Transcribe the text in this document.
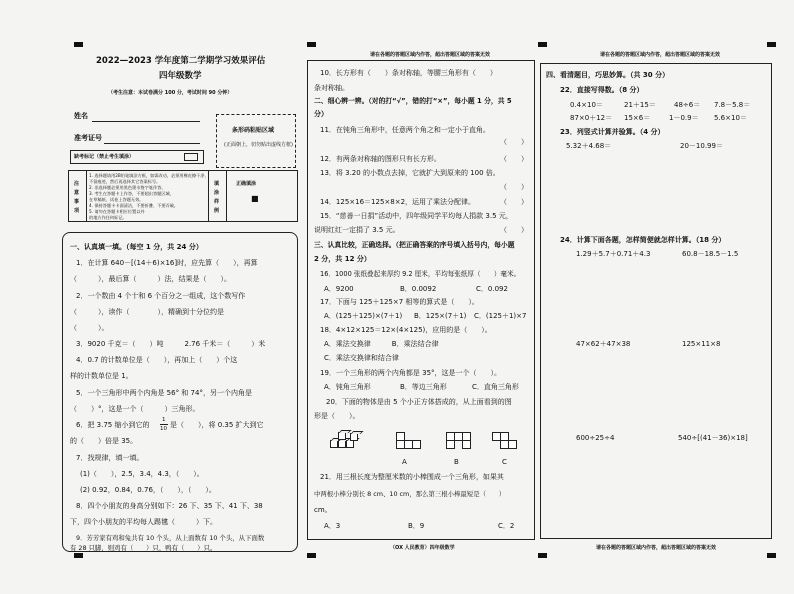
2022—2023 学年度第二学期学习效果评估
四年级数学
（考生注意：本试卷满分 100 分，考试时间 90 分钟）
姓名
准考证号
缺考标记（禁止考生填涂）
条形码粘贴区域
(正面朝上，切勿贴出虚线方框)
注
意
事
项
1. 选择题请用2B铅笔填涂方框，如需改动，必须用橡皮擦干净，
不留痕迹，然后再选择其它答案标号。
2. 非选择题必须用黑色墨水签字笔作答。
3. 考生在答题卡上作答，不要超出答题区域，
在草稿纸、试卷上答题无效。
4. 保持答题卡卡面清洁，不要折叠、不要弄破。
5. 请勿在答题卡相应位置以外
的地方作任何标记。
填
涂
样
例
正确填涂
■
一、认真填一填。（每空 1 分，共 24 分）
1．在计算 640－[(14＋6)×16]时，应先算（　　），再算
（　　　），最后算（　　　）法，结果是（　　）。
2．一个数由 4 个十和 6 个百分之一组成，这个数写作
（　　　），读作（　　　　），精确到十分位约是
（　　　）。
3．9020 千克＝（　　）吨　　　2.76 千米＝（　　　）米
4．0.7 的计数单位是（　　），再加上（　　）个这
样的计数单位是 1。
5．一个三角形中两个内角是 56° 和 74°，另一个内角是
（　　）°，这是一个（　　　）三角形。
6．把 3.75 缩小到它的
1
10 是（　　），将 0.35 扩大到它
的（　　）倍是 35。
7．找规律，填一填。
(1)（　　），2.5，3.4，4.3，（　　）。
(2) 0.92，0.84，0.76，（　　），（　　）。
8．四个小朋友的身高分别如下：26 下、35 下、41 下、38
下，四个小朋友的平均每人踢毽（　　　）下。
9．芳芳家有鸡和兔共有 10 个头，从上面数有 10 个头，从下面数
有 28 只脚，则鸡有（　　）只，鸭有（　　）只。
请在各题的答题区域内作答，超出答题区域的答案无效
10．长方形有（　　）条对称轴，等腰三角形有（　　）
条对称轴。
二、细心辨一辨。（对的打“√”，错的打“×”，每小题 1 分，共 5
分）
11．在钝角三角形中，任意两个角之和一定小于直角。
（　　）
12．有两条对称轴的图形只有长方形。	（　　）
13．将 3.20 的小数点去掉，它就扩大到原来的 100 倍。
（　　）
14．125×16＝125×8×2，运用了乘法分配律。	（　　）
15．“慈善一日捐”活动中，四年级同学平均每人捐款 3.5 元，
说明红红一定捐了 3.5 元。	（　　）
三、认真比较，正确选择。（把正确答案的序号填入括号内，每小题
2 分，共 12 分）
16．1000 张纸叠起来厚约 9.2 厘米，平均每张纸厚（　　）毫米。
A．9200	B．0.0092	C．0.092
17．下面与 125＋125×7 相等的算式是（　　）。
A．(125＋125)×(7＋1) B．125×(7＋1) C．(125＋1)×7
18．4×12×125＝12×(4×125)，应用的是（　　）。
A．乘法交换律　　　B．乘法结合律
C．乘法交换律和结合律
19．一个三角形的两个内角都是 35°，这是一个（　　）。
A．钝角三角形	B．等边三角形	C．直角三角形
20．下面的物体是由 5 个小正方体搭成的，从上面看到的图
形是（　　）。
A	B	C
21．用三根长度为整厘米数的小棒围成一个三角形，如果其
中两根小棒分别长 8 cm、10 cm，那么第三根小棒最短是（　　）
cm。
A．3	B．9	C．2
（OX 人民教育）四年级数学
请在各题的答题区域内作答，超出答题区域的答案无效
四、看清题目，巧思妙算。（共 30 分）
22．直接写得数。（8 分）
0.4×10＝	21＋15＝	48÷6＝ 7.8－5.8＝
87×0＋12＝ 15×6＝	1－0.9＝ 5.6×10＝
23．列竖式计算并验算。（4 分）
5.32＋4.68＝	20－10.99＝
24．计算下面各题，怎样简便就怎样计算。（18 分）
1.29＋5.7＋0.71＋4.3	60.8－18.5－1.5
47×62＋47×38	125×11×8
600÷25÷4	540÷[(41－36)×18]
请在各题的答题区域内作答，超出答题区域的答案无效
